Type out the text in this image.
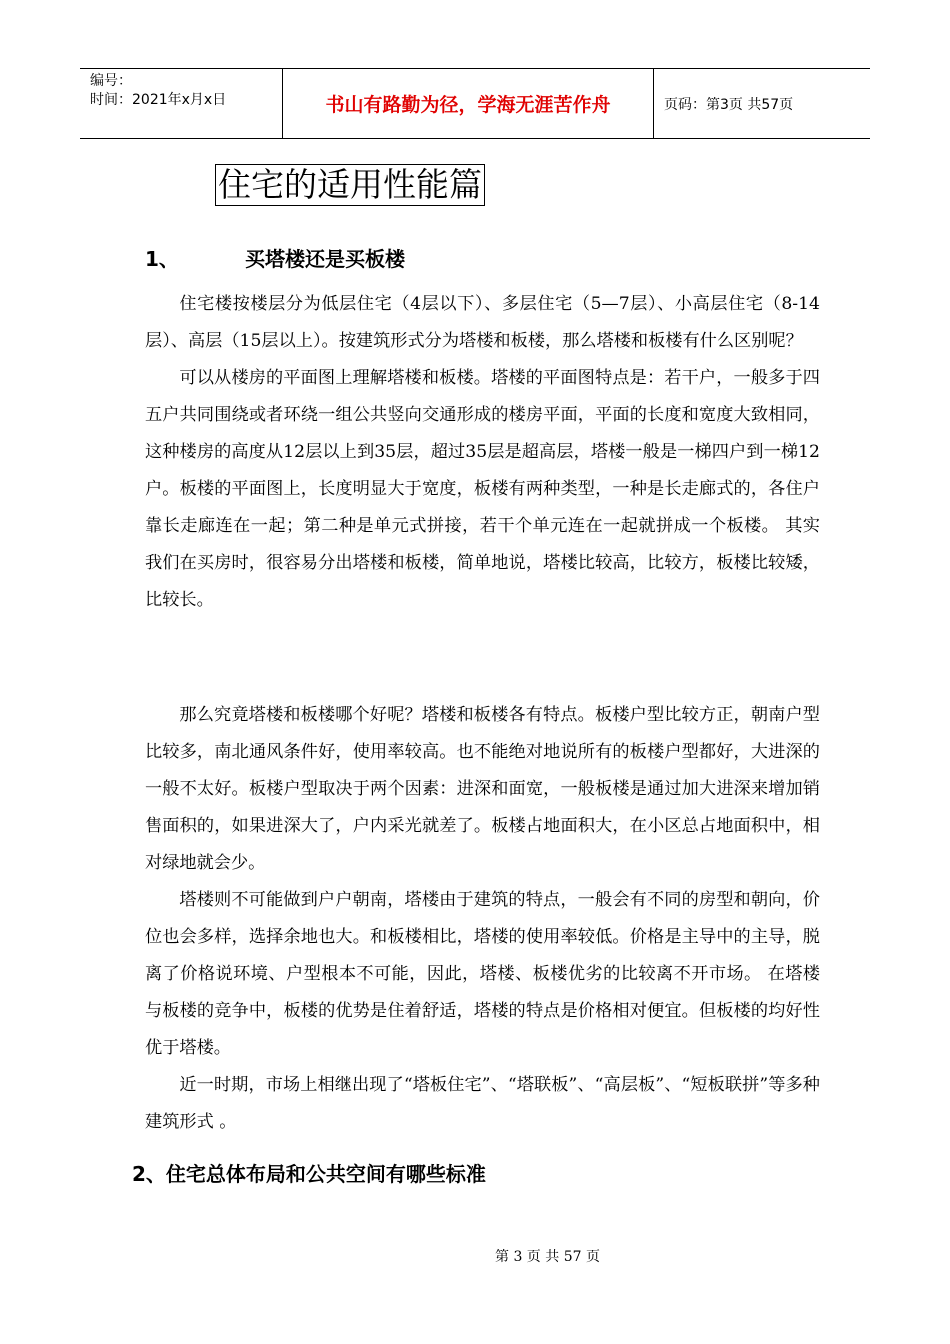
编号：
时间：2021年x月x日	书山有路勤为径，学海无涯苦作舟	页码：第3页 共57页
住宅的适用性能篇
1、	买塔楼还是买板楼

住宅楼按楼层分为低层住宅（4层以下）、多层住宅（5—7层）、小高层住宅（8-14层）、高层（15层以上）。按建筑形式分为塔楼和板楼，那么塔楼和板楼有什么区别呢？

可以从楼房的平面图上理解塔楼和板楼。塔楼的平面图特点是：若干户，一般多于四五户共同围绕或者环绕一组公共竖向交通形成的楼房平面，平面的长度和宽度大致相同，这种楼房的高度从12层以上到35层，超过35层是超高层，塔楼一般是一梯四户到一梯12户。板楼的平面图上，长度明显大于宽度，板楼有两种类型，一种是长走廊式的，各住户靠长走廊连在一起；第二种是单元式拼接，若干个单元连在一起就拼成一个板楼。 其实我们在买房时，很容易分出塔楼和板楼，简单地说，塔楼比较高，比较方，板楼比较矮，比较长。

那么究竟塔楼和板楼哪个好呢？塔楼和板楼各有特点。板楼户型比较方正，朝南户型比较多，南北通风条件好，使用率较高。也不能绝对地说所有的板楼户型都好，大进深的一般不太好。板楼户型取决于两个因素：进深和面宽，一般板楼是通过加大进深来增加销售面积的，如果进深大了，户内采光就差了。板楼占地面积大，在小区总占地面积中，相对绿地就会少。

塔楼则不可能做到户户朝南，塔楼由于建筑的特点，一般会有不同的房型和朝向，价位也会多样，选择余地也大。和板楼相比，塔楼的使用率较低。价格是主导中的主导，脱离了价格说环境、户型根本不可能，因此，塔楼、板楼优劣的比较离不开市场。 在塔楼与板楼的竞争中，板楼的优势是住着舒适，塔楼的特点是价格相对便宜。但板楼的均好性优于塔楼。

近一时期，市场上相继出现了“塔板住宅”、“塔联板”、“高层板”、“短板联拼”等多种建筑形式 。

2、住宅总体布局和公共空间有哪些标准
第 3 页 共 57 页
